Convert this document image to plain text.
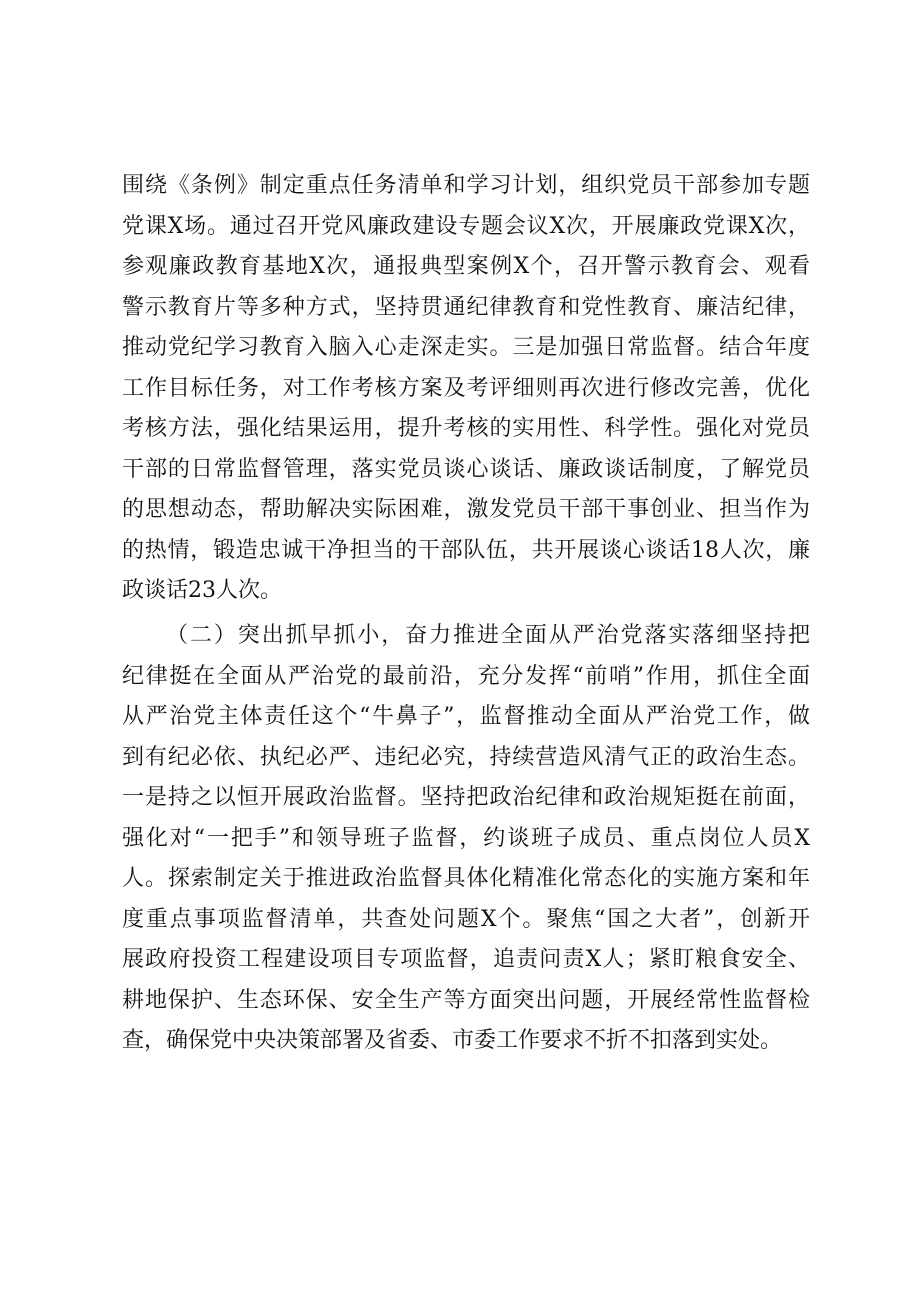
围绕《条例》制定重点任务清单和学习计划，组织党员干部参加专题
党课X场。通过召开党风廉政建设专题会议X次，开展廉政党课X次，
参观廉政教育基地X次，通报典型案例X个，召开警示教育会、观看
警示教育片等多种方式，坚持贯通纪律教育和党性教育、廉洁纪律，
推动党纪学习教育入脑入心走深走实。三是加强日常监督。结合年度
工作目标任务，对工作考核方案及考评细则再次进行修改完善，优化
考核方法，强化结果运用，提升考核的实用性、科学性。强化对党员
干部的日常监督管理，落实党员谈心谈话、廉政谈话制度，了解党员
的思想动态，帮助解决实际困难，激发党员干部干事创业、担当作为
的热情，锻造忠诚干净担当的干部队伍，共开展谈心谈话18人次，廉
政谈话23人次。
（二）突出抓早抓小，奋力推进全面从严治党落实落细坚持把
纪律挺在全面从严治党的最前沿，充分发挥“前哨”作用，抓住全面
从严治党主体责任这个“牛鼻子”，监督推动全面从严治党工作，做
到有纪必依、执纪必严、违纪必究，持续营造风清气正的政治生态。
一是持之以恒开展政治监督。坚持把政治纪律和政治规矩挺在前面，
强化对“一把手”和领导班子监督，约谈班子成员、重点岗位人员X
人。探索制定关于推进政治监督具体化精准化常态化的实施方案和年
度重点事项监督清单，共查处问题X个。聚焦“国之大者”，创新开
展政府投资工程建设项目专项监督，追责问责X人；紧盯粮食安全、
耕地保护、生态环保、安全生产等方面突出问题，开展经常性监督检
查，确保党中央决策部署及省委、市委工作要求不折不扣落到实处。
